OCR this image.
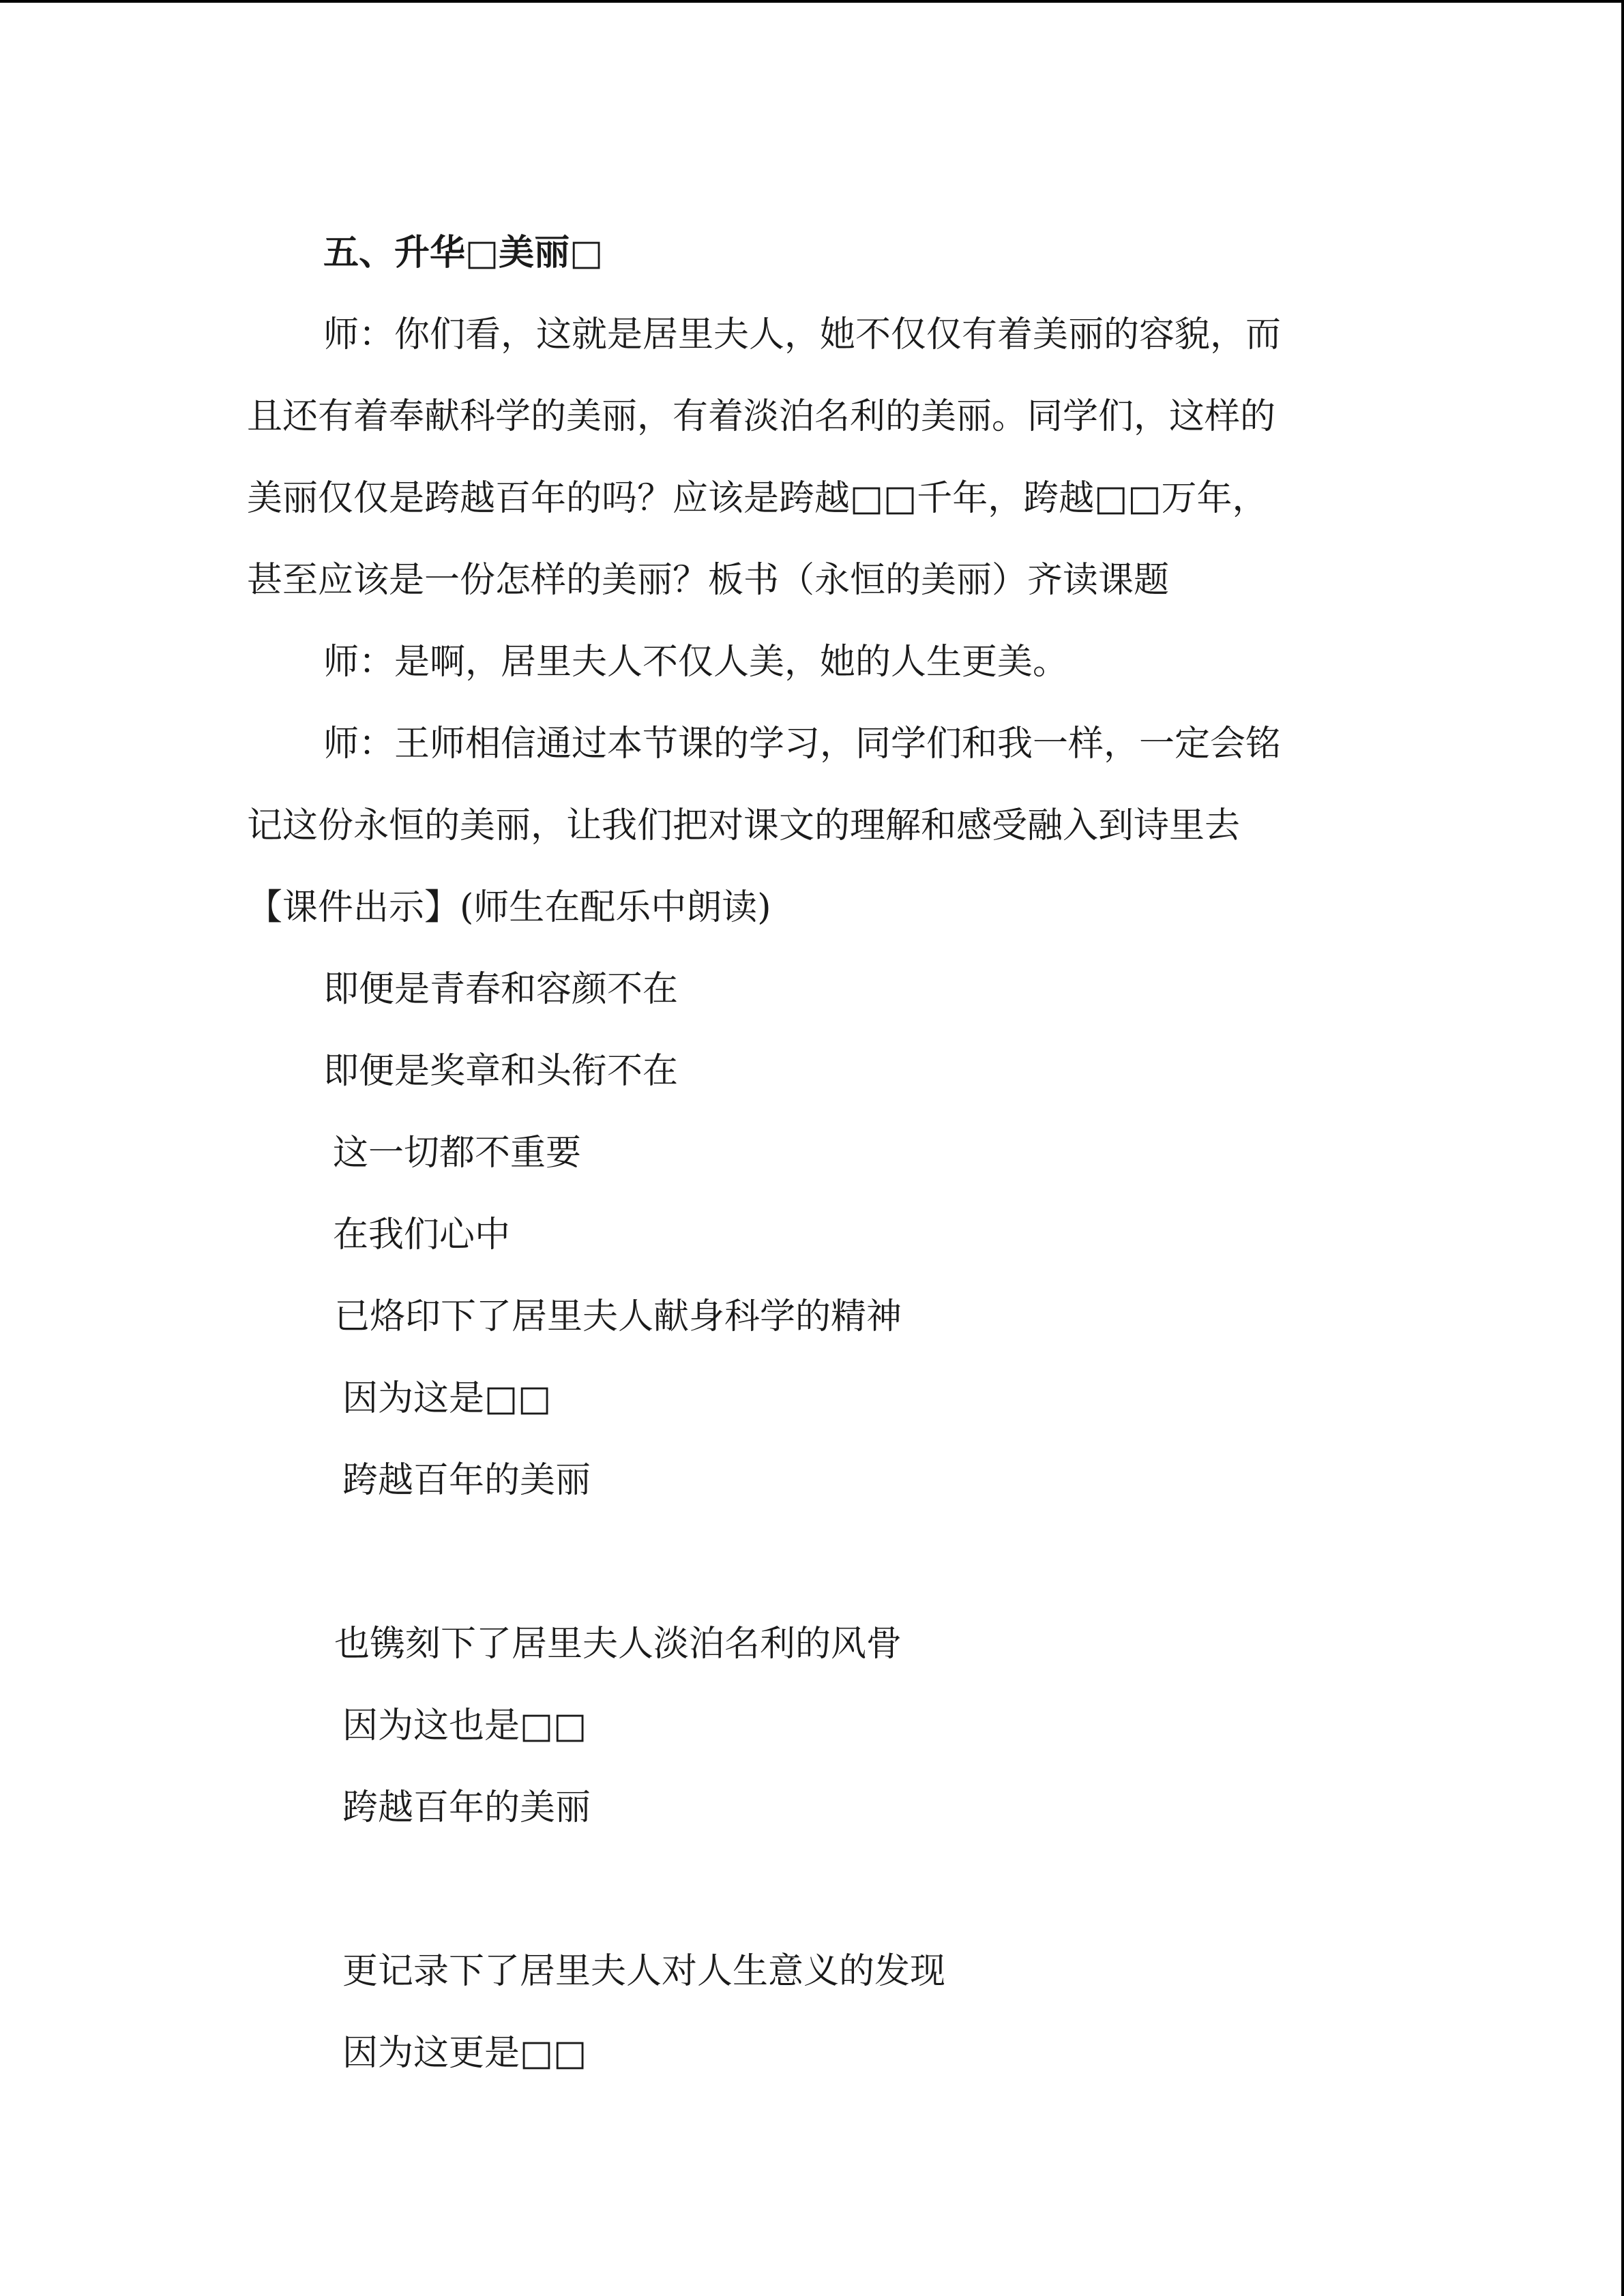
五、升华□美丽□

师：你们看，这就是居里夫人，她不仅仅有着美丽的容貌，而

且还有着奉献科学的美丽，有着淡泊名利的美丽。同学们，这样的

美丽仅仅是跨越百年的吗？应该是跨越□□千年，跨越□□万年，

甚至应该是一份怎样的美丽？板书（永恒的美丽）齐读课题

师：是啊，居里夫人不仅人美，她的人生更美。

师：王师相信通过本节课的学习，同学们和我一样，一定会铭

记这份永恒的美丽，让我们把对课文的理解和感受融入到诗里去

【课件出示】(师生在配乐中朗读)

即便是青春和容颜不在

即便是奖章和头衔不在

这一切都不重要

在我们心中

已烙印下了居里夫人献身科学的精神

因为这是□□

跨越百年的美丽

也镌刻下了居里夫人淡泊名利的风骨

因为这也是□□

跨越百年的美丽

更记录下了居里夫人对人生意义的发现

因为这更是□□
